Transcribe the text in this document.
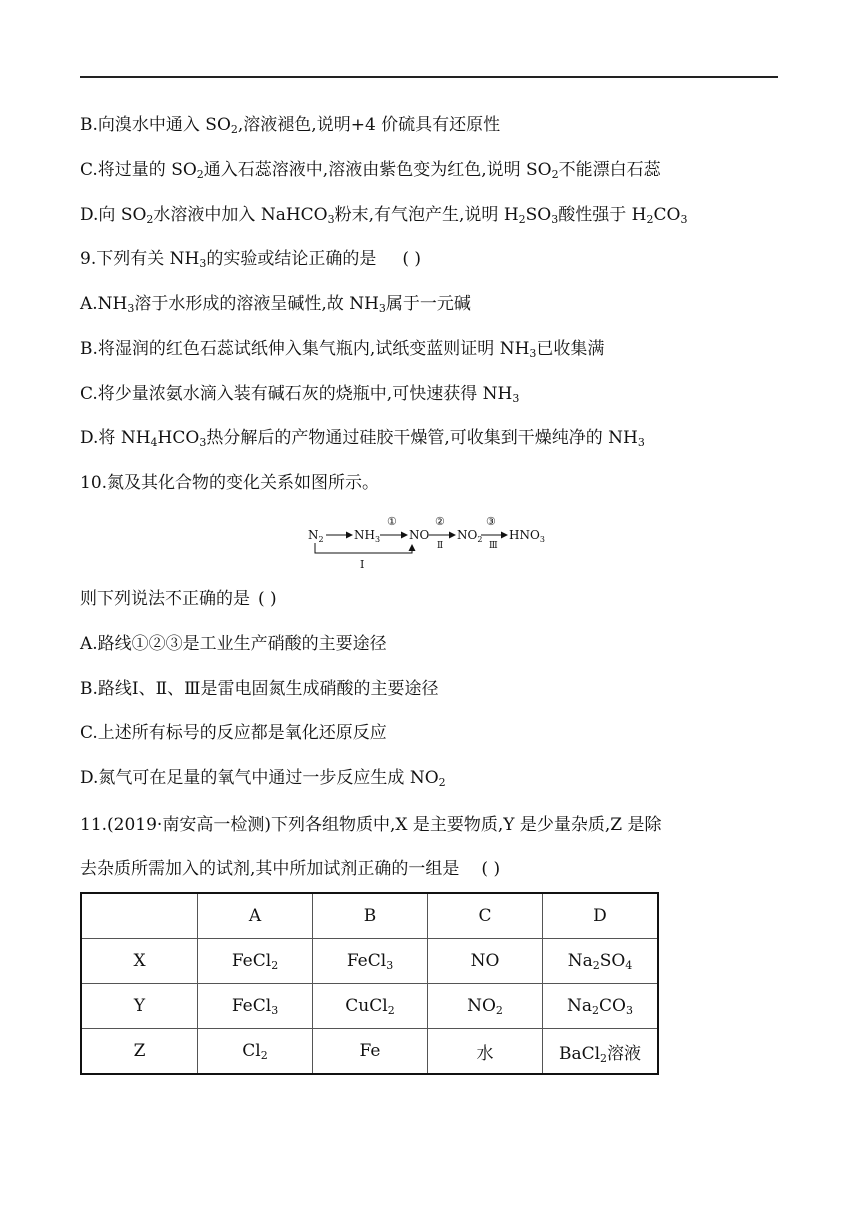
B.向溴水中通入 $SO_2$,溶液褪色,说明+4 价硫具有还原性
C.将过量的 $SO_2$通入石蕊溶液中,溶液由紫色变为红色,说明 $SO_2$不能漂白石蕊
D.向 $SO_2$水溶液中加入 NaHCO$_3$粉末,有气泡产生,说明 $H_2SO_3$酸性强于 $H_2CO_3$
9.下列有关 $NH_3$的实验或结论正确的是 ( )
$A.NH_3$溶于水形成的溶液呈碱性,故 $NH_3$属于一元碱
B.将湿润的红色石蕊试纸伸入集气瓶内,试纸变蓝则证明 $NH_3$已收集满
C.将少量浓氨水滴入装有碱石灰的烧瓶中,可快速获得 $NH_3$
D.将 $NH_4HCO_3$热分解后的产物通过硅胶干燥管,可收集到干燥纯净的 $NH_3$
10.氮及其化合物的变化关系如图所示。
$N_2$	$NH_3$
①
NO
②
Ⅱ
$NO_2$
③
Ⅲ
$HNO_3$
I
则下列说法不正确的是 ( )
A.路线①②③是工业生产硝酸的主要途径
B.路线Ⅰ、Ⅱ、Ⅲ是雷电固氮生成硝酸的主要途径
C.上述所有标号的反应都是氧化还原反应
D.氮气可在足量的氧气中通过一步反应生成 $NO_2$
11.(2019·南安高一检测)下列各组物质中,X 是主要物质,Y 是少量杂质,Z 是除
去杂质所需加入的试剂,其中所加试剂正确的一组是 ( )
	A	B	C	D
X	FeCl$_2$	FeCl$_3$	NO	$Na_2SO_4$
Y	FeCl$_3$	CuCl$_2$	$NO_2$	$Na_2CO_3$
Z	$Cl_2$	Fe	水	BaCl$_2$溶液
